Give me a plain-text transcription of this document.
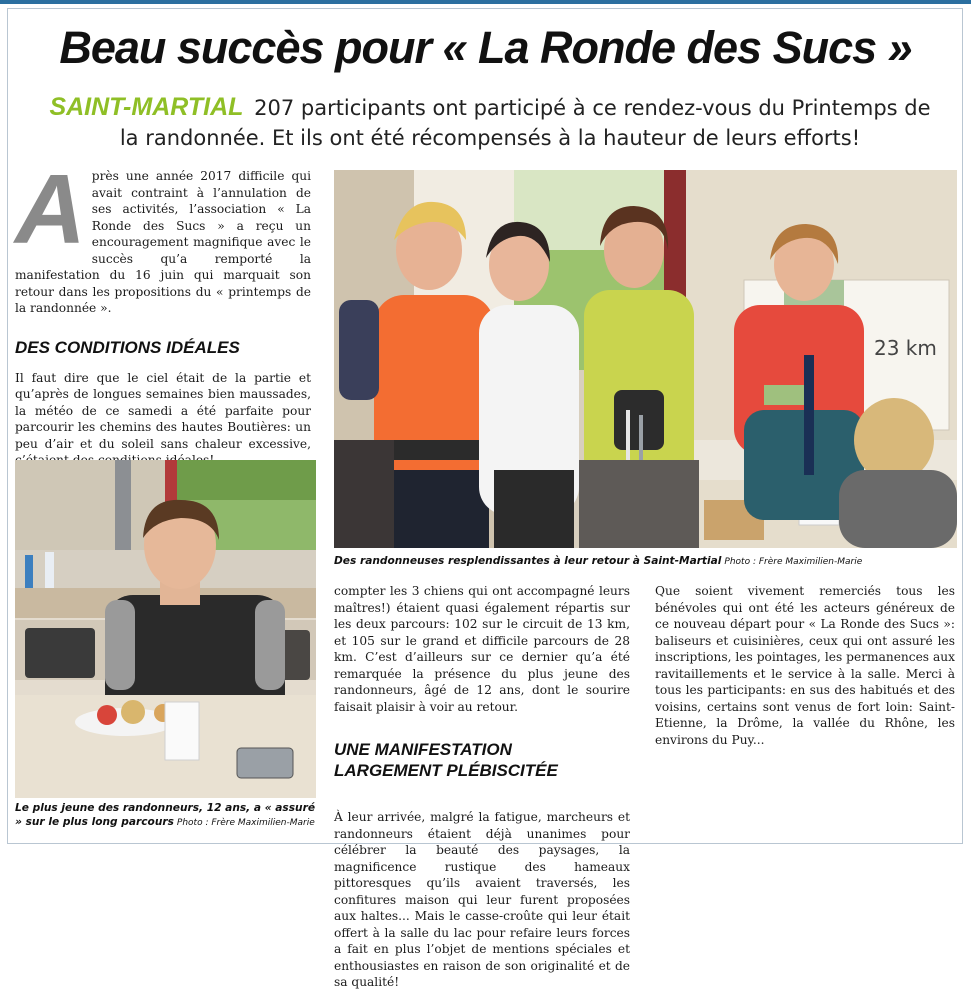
Beau succès pour « La Ronde des Sucs »
SAINT-MARTIAL 207 participants ont participé à ce rendez-vous du Printemps de la randonnée. Et ils ont été récompensés à la hauteur de leurs efforts!
A près une année 2017 difficile qui avait contraint à l’annulation de ses activités, l’association « La Ronde des Sucs » a reçu un encouragement magnifique avec le succès qu’a remporté la manifestation du 16 juin qui marquait son retour dans les propositions du « printemps de la randonnée ».

DES CONDITIONS IDÉALES

Il faut dire que le ciel était de la partie et qu’après de longues semaines bien maussades, la météo de ce samedi a été parfaite pour parcourir les chemins des hautes Boutières: un peu d’air et du soleil sans chaleur excessive,

Le plus jeune des randonneurs, 12 ans, a « assuré » sur le plus long parcours Photo : Frère Maximilien-Marie
23 km
Des randonneuses resplendissantes à leur retour à Saint-Martial Photo : Frère Maximilien-Marie

compter les 3 chiens qui ont accompagné leurs maîtres!) étaient quasi également répartis sur les deux parcours: 102 sur le circuit de 13 km, et 105 sur le grand et difficile parcours de 28 km. C’est d’ailleurs sur ce dernier qu’a été remarquée la présence du plus jeune des randonneurs, âgé de 12 ans, dont le sourire faisait plaisir à voir au retour.

UNE MANIFESTATION LARGEMENT PLÉBISCITÉE

À leur arrivée, malgré la fatigue, marcheurs et randonneurs étaient déjà unanimes pour célébrer la beauté des paysages, la magnificence rustique des hameaux pittoresques qu’ils avaient traversés, les confitures maison qui leur furent proposées aux haltes... Mais le casse-croûte qui leur était offert à la salle du lac pour refaire leurs forces a fait en plus l’objet de mentions spéciales et enthousiastes en raison de son originalité et de sa qualité!

Que soient vivement remerciés tous les bénévoles qui ont été les acteurs généreux de ce nouveau départ pour « La Ronde des Sucs »: baliseurs et cuisinières, ceux qui ont assuré les inscriptions, les pointages, les permanences aux ravitaillements et le service à la salle. Merci à tous les participants: en sus des habitués et des voisins, certains sont venus de fort loin: Saint-Etienne, la Drôme, la vallée du Rhône, les environs du Puy...
